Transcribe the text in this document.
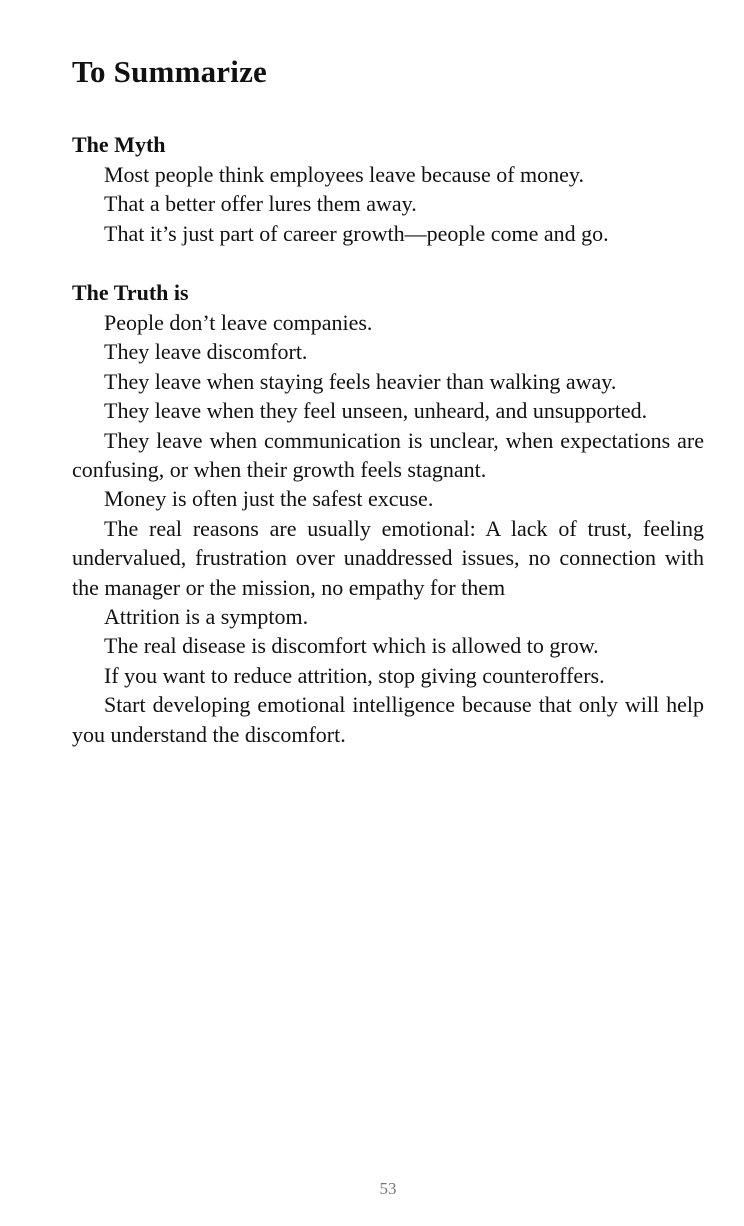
To Summarize
The Myth

Most people think employees leave because of money.

That a better offer lures them away.

That it’s just part of career growth—people come and go.

The Truth is

People don’t leave companies.

They leave discomfort.

They leave when staying feels heavier than walking away.

They leave when they feel unseen, unheard, and unsupported.

They leave when communication is unclear, when expectations are confusing, or when their growth feels stagnant.

Money is often just the safest excuse.

The real reasons are usually emotional: A lack of trust, feeling undervalued, frustration over unaddressed issues, no connection with the manager or the mission, no empathy for them

Attrition is a symptom.

The real disease is discomfort which is allowed to grow.

If you want to reduce attrition, stop giving counteroffers.

Start developing emotional intelligence because that only will help you understand the discomfort.

53
